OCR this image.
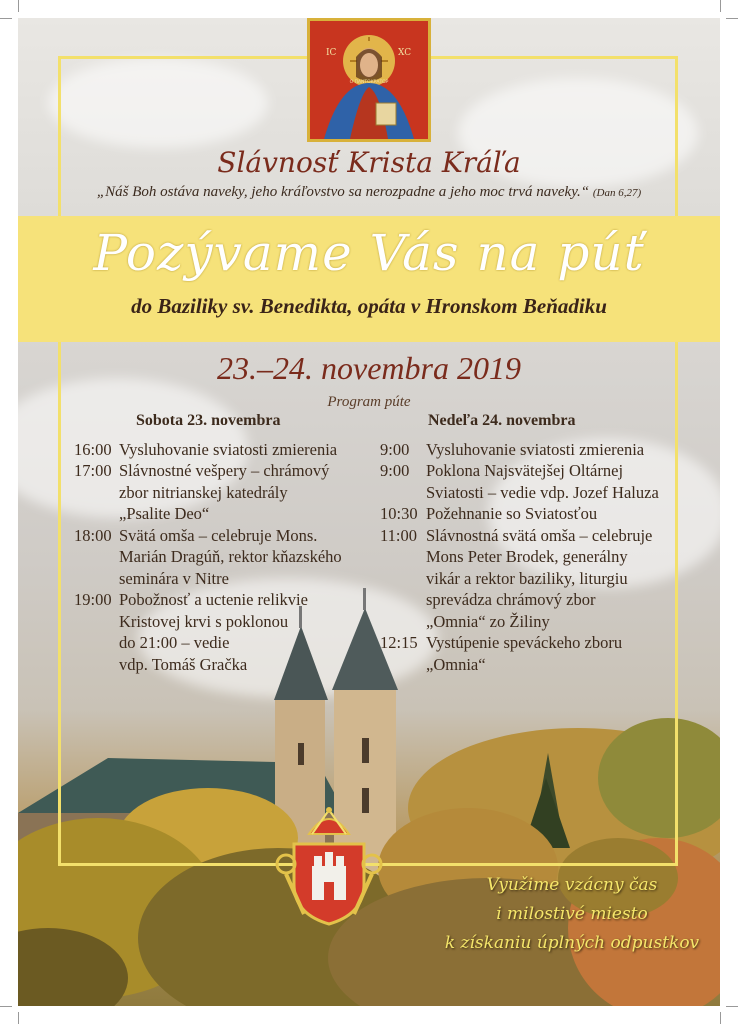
IC	XC
Ο ΠΑΝΤΟΚΡΑΤΩΡ
Slávnosť Krista Kráľa
„Náš Boh ostáva naveky, jeho kráľovstvo sa nerozpadne a jeho moc trvá naveky.“ (Dan 6,27)
Pozývame Vás na púť
do Baziliky sv. Benedikta, opáta v Hronskom Beňadiku
23.–24. novembra 2019
Program púte
Sobota 23. novembra
16:00 Vysluhovanie sviatosti zmierenia
17:00 Slávnostné vešpery – chrámový
zbor nitrianskej katedrály
„Psalite Deo“
18:00 Svätá omša – celebruje Mons.
Marián Dragúň, rektor kňazského
seminára v Nitre
19:00 Pobožnosť a uctenie relikvie
Kristovej krvi s poklonou
do 21:00 – vedie
vdp. Tomáš Gračka
Nedeľa 24. novembra
9:00	Vysluhovanie sviatosti zmierenia
9:00	Poklona Najsvätejšej Oltárnej
Sviatosti – vedie vdp. Jozef Haluza
10:30 Požehnanie so Sviatosťou
11:00 Slávnostná svätá omša – celebruje
Mons Peter Brodek, generálny
vikár a rektor baziliky, liturgiu
sprevádza chrámový zbor
„Omnia“ zo Žiliny
12:15 Vystúpenie speváckeho zboru
„Omnia“
Využime vzácny čas
i milostivé miesto
k získaniu úplných odpustkov
